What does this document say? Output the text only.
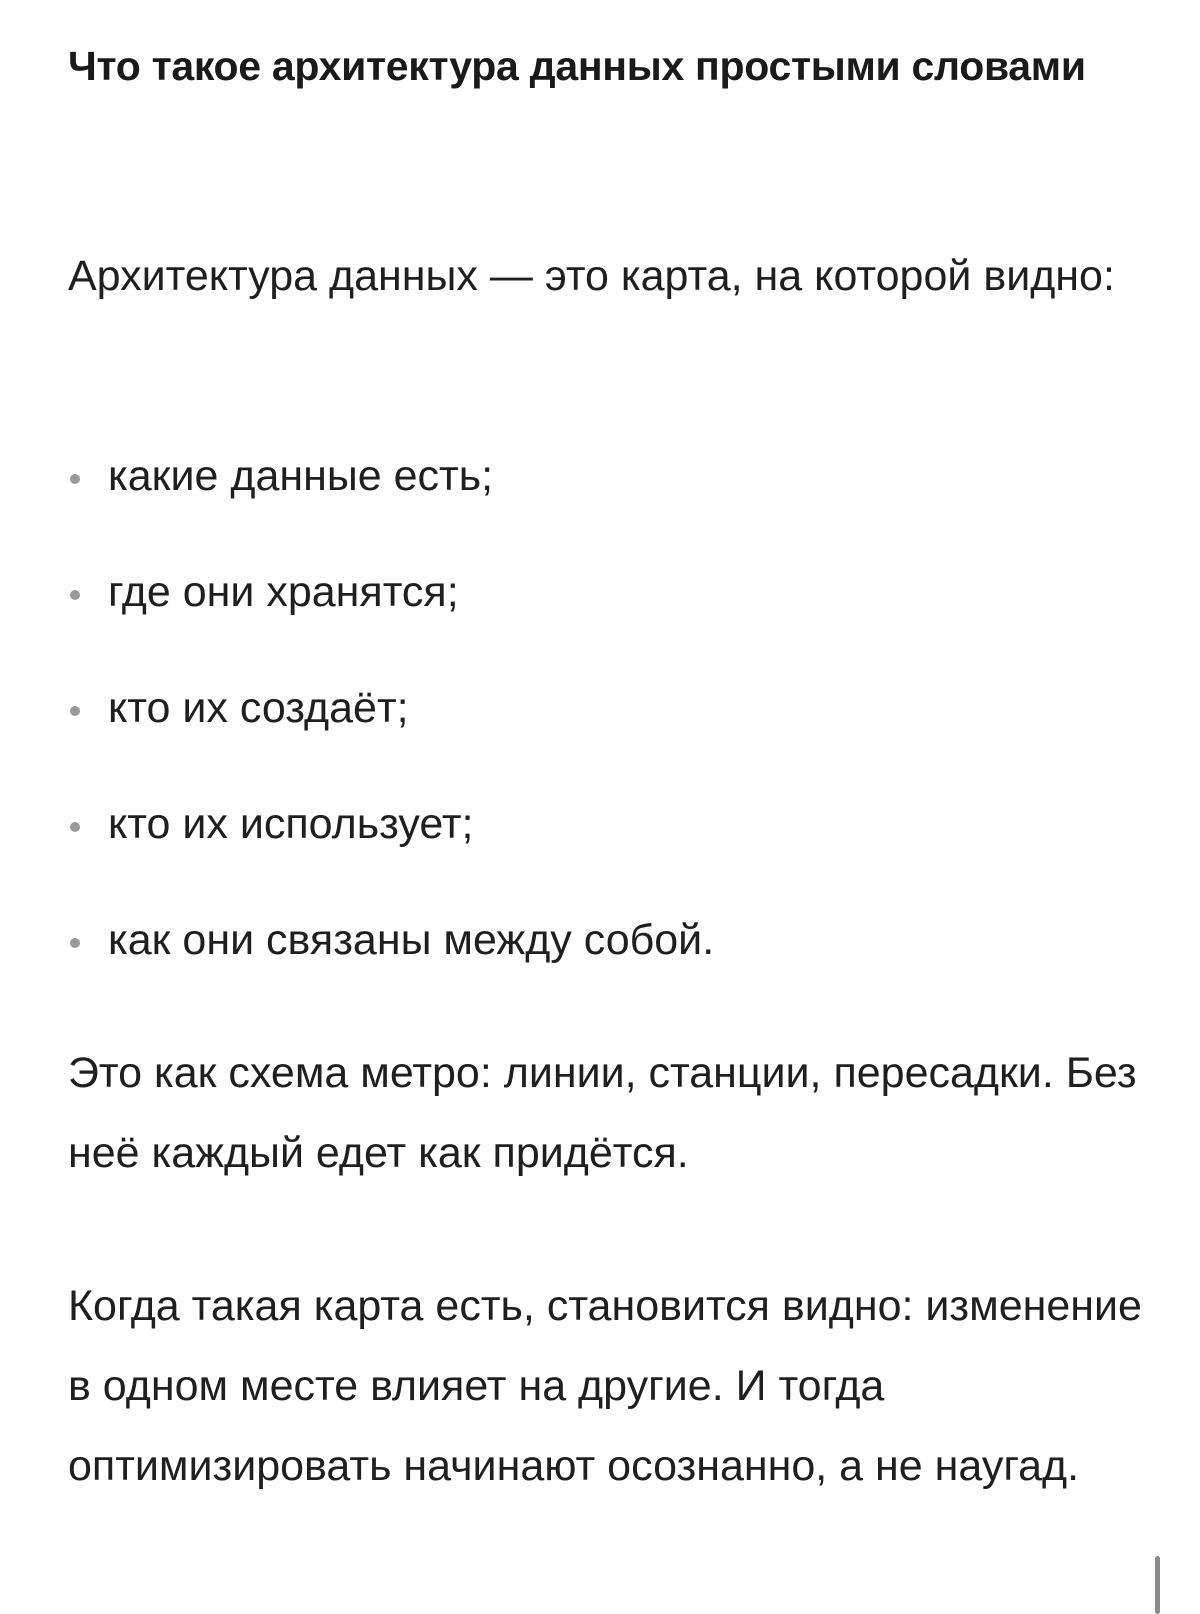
Что такое архитектура данных простыми словами

Архитектура данных — это карта, на которой видно:

какие данные есть;
где они хранятся;
кто их создаёт;
кто их использует;
как они связаны между собой.

Это как схема метро: линии, станции, пересадки. Без неё каждый едет как придётся.

Когда такая карта есть, становится видно: изменение в одном месте влияет на другие. И тогда оптимизировать начинают осознанно, а не наугад.
